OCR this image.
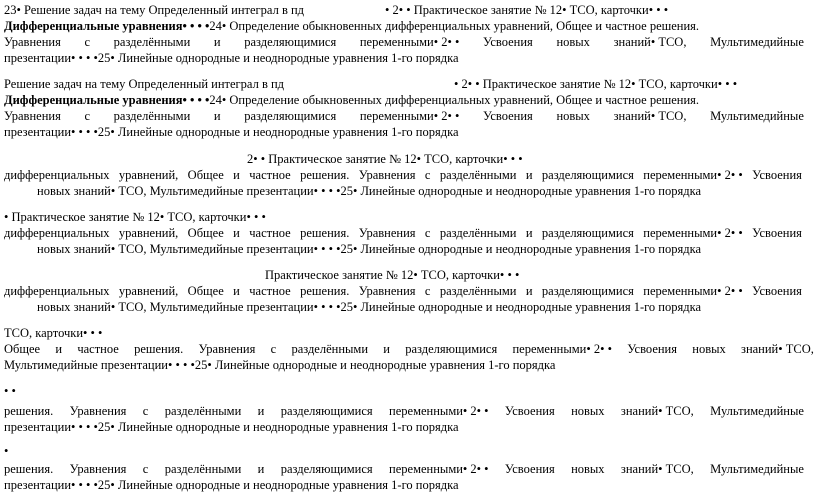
23• Решение задач на тему Определенный интеграл в пд	• 2• • Практическое занятие № 12• ТСО, карточки• • •
Дифференциальные уравнения• • • •24• Определение обыкновенных дифференциальных уравнений, Общее и частное решения.
Уравнения с разделёнными и разделяющимися переменными• 2• • Усвоения новых знаний• ТСО, Мультимедийные
презентации• • • •25• Линейные однородные и неоднородные уравнения 1-го порядка
Решение задач на тему Определенный интеграл в пд	• 2• • Практическое занятие № 12• ТСО, карточки• • •
Дифференциальные уравнения• • • •24• Определение обыкновенных дифференциальных уравнений, Общее и частное решения.
Уравнения с разделёнными и разделяющимися переменными• 2• • Усвоения новых знаний• ТСО, Мультимедийные
презентации• • • •25• Линейные однородные и неоднородные уравнения 1-го порядка
2• • Практическое занятие № 12• ТСО, карточки• • •
дифференциальных уравнений, Общее и частное решения. Уравнения с разделёнными и разделяющимися переменными• 2• • Усвоения
новых знаний• ТСО, Мультимедийные презентации• • • •25• Линейные однородные и неоднородные уравнения 1-го порядка
• Практическое занятие № 12• ТСО, карточки• • •
дифференциальных уравнений, Общее и частное решения. Уравнения с разделёнными и разделяющимися переменными• 2• • Усвоения
новых знаний• ТСО, Мультимедийные презентации• • • •25• Линейные однородные и неоднородные уравнения 1-го порядка
Практическое занятие № 12• ТСО, карточки• • •
дифференциальных уравнений, Общее и частное решения. Уравнения с разделёнными и разделяющимися переменными• 2• • Усвоения
новых знаний• ТСО, Мультимедийные презентации• • • •25• Линейные однородные и неоднородные уравнения 1-го порядка
ТСО, карточки• • •
Общее и частное решения. Уравнения с разделёнными и разделяющимися переменными• 2• • Усвоения новых знаний• ТСО,
Мультимедийные презентации• • • •25• Линейные однородные и неоднородные уравнения 1-го порядка
• •
решения. Уравнения с разделёнными и разделяющимися переменными• 2• • Усвоения новых знаний• ТСО, Мультимедийные
презентации• • • •25• Линейные однородные и неоднородные уравнения 1-го порядка
•
решения. Уравнения с разделёнными и разделяющимися переменными• 2• • Усвоения новых знаний• ТСО, Мультимедийные
презентации• • • •25• Линейные однородные и неоднородные уравнения 1-го порядка
